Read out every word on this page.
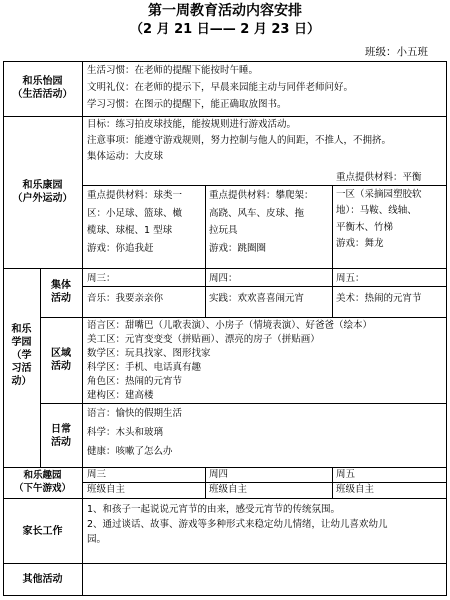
第一周教育活动内容安排
（2 月 21 日—— 2 月 23 日）
班级：小五班
和乐怡园
（生活活动）
生活习惯：在老师的提醒下能按时午睡。
文明礼仪：在老师的提示下，早晨来园能主动与同伴老师问好。
学习习惯：在图示的提醒下，能正确取放图书。
和乐康园
（户外运动）
目标：练习拍皮球技能，能按规则进行游戏活动。
注意事项：能遵守游戏规则，努力控制与他人的间距，不推人，不拥挤。
集体运动：大皮球
重点提供材料：球类一
区：小足球、篮球、橄
榄球、球棍、1 型球
游戏：你追我赶
重点提供材料：攀爬架：
高跷、风车、皮球、拖
拉玩具
游戏：跳圈圈
重点提供材料：平衡
一区（采摘园塑胶软
地）：马鞍、线轴、
平衡木、竹梯
游戏：舞龙
和乐
学园
（学
习活
动）
集体
活动
周三：	周四：	周五：
音乐：我要亲亲你	实践：欢欢喜喜闹元宵	美术：热闹的元宵节
区域
活动
语言区：甜嘴巴（儿歌表演）、小房子（情境表演）、好爸爸（绘本）
美工区：元宵变变变（拼贴画）、漂亮的房子（拼贴画）
数学区：玩具找家、图形找家
科学区：手机、电话真有趣
角色区：热闹的元宵节
建构区：建高楼
日常
活动
语言：愉快的假期生活
科学：木头和玻璃
健康：咳嗽了怎么办
和乐趣园
（下午游戏）
周三	周四	周五
班级自主	班级自主	班级自主
家长工作
1、和孩子一起说说元宵节的由来，感受元宵节的传统氛围。
2、通过谈话、故事、游戏等多种形式来稳定幼儿情绪，让幼儿喜欢幼儿
园。
其他活动
